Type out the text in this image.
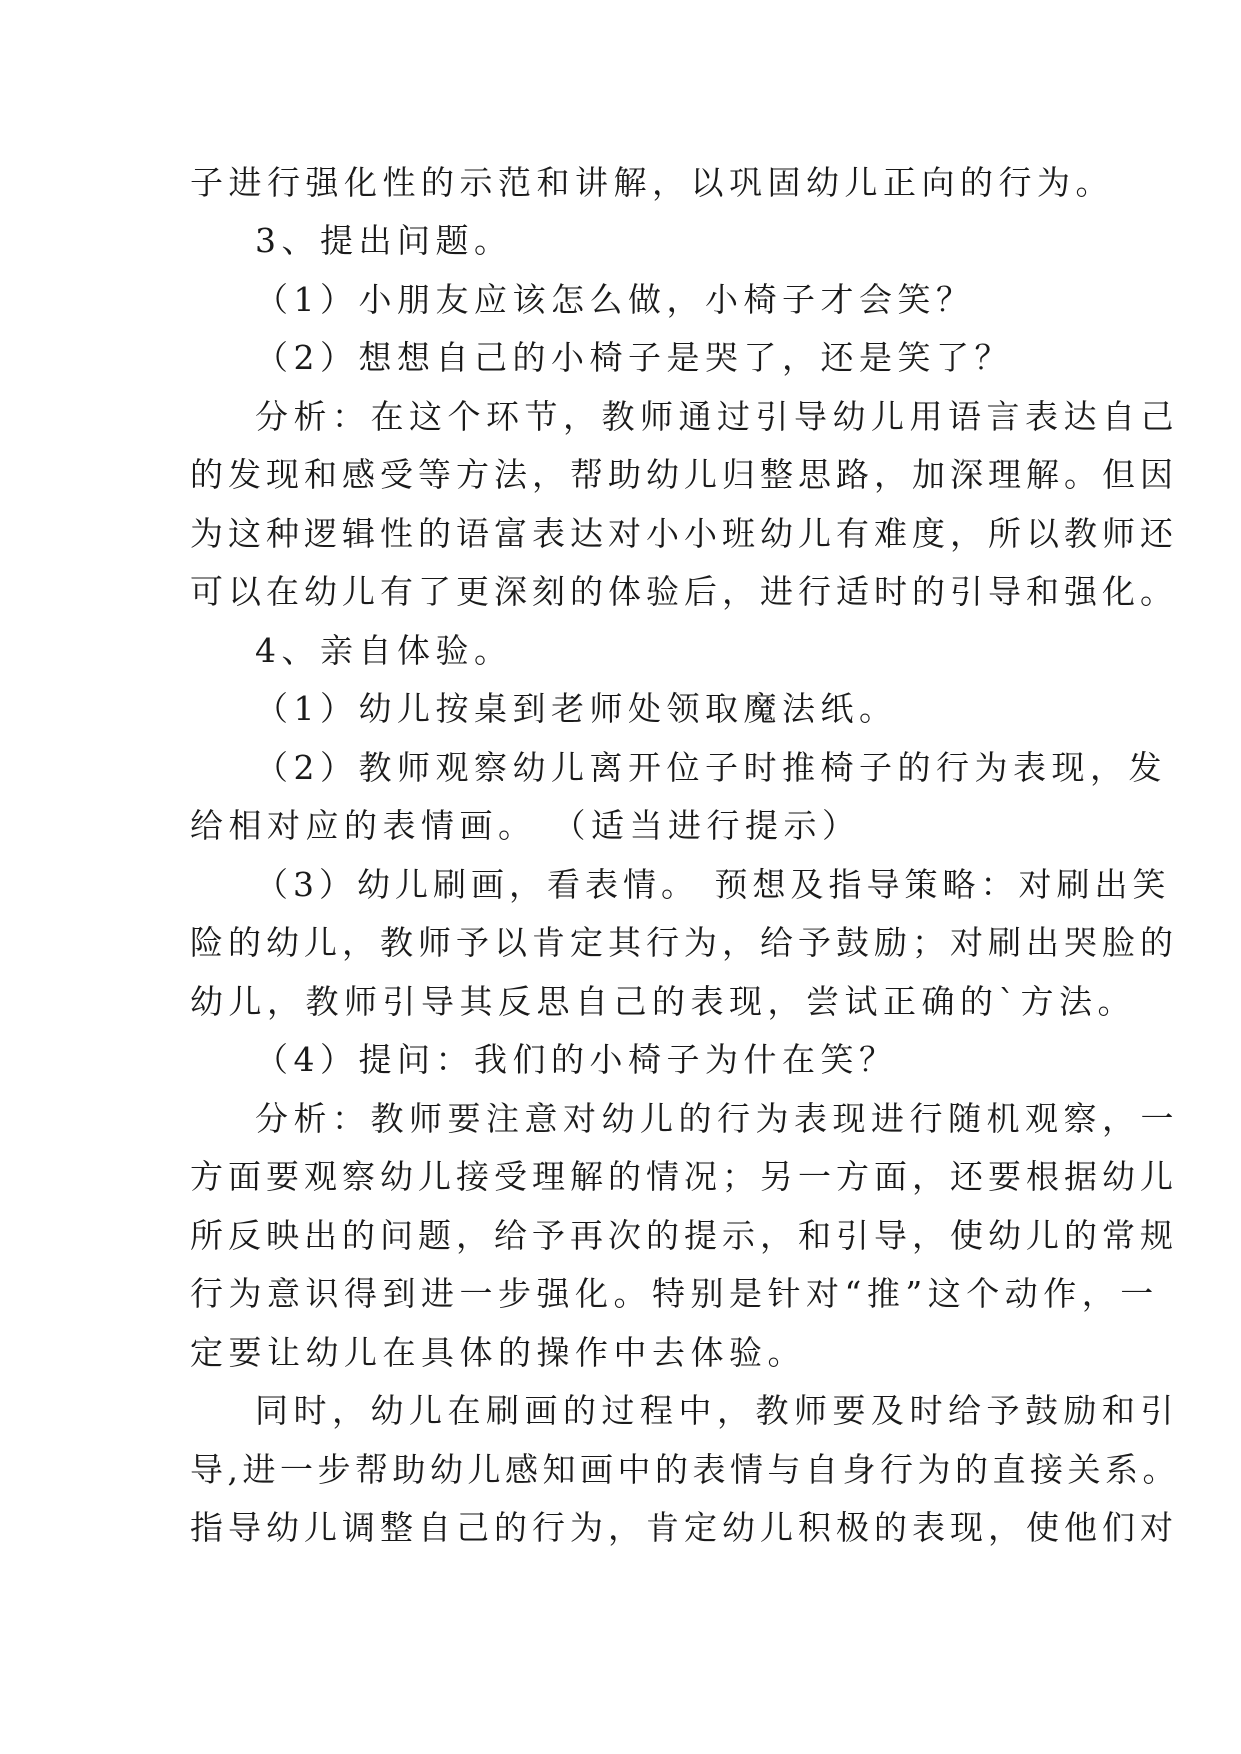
子进行强化性的示范和讲解，以巩固幼儿正向的行为。

3、提出问题。

（1）小朋友应该怎么做，小椅子才会笑？

（2）想想自己的小椅子是哭了，还是笑了？

分析：在这个环节，教师通过引导幼儿用语言表达自己

的发现和感受等方法，帮助幼儿归整思路，加深理解。但因

为这种逻辑性的语富表达对小小班幼儿有难度，所以教师还

可以在幼儿有了更深刻的体验后，进行适时的引导和强化。

4、亲自体验。

（1）幼儿按桌到老师处领取魔法纸。

（2）教师观察幼儿离开位子时推椅子的行为表现，发

给相对应的表情画。 （适当进行提示）

（3）幼儿刷画，看表情。 预想及指导策略：对刷出笑

险的幼儿，教师予以肯定其行为，给予鼓励；对刷出哭脸的

幼儿，教师引导其反思自己的表现，尝试正确的`方法。

（4）提问：我们的小椅子为什在笑？

分析：教师要注意对幼儿的行为表现进行随机观察，一

方面要观察幼儿接受理解的情况；另一方面，还要根据幼儿

所反映出的问题，给予再次的提示，和引导，使幼儿的常规

行为意识得到进一步强化。特别是针对“推”这个动作，一

定要让幼儿在具体的操作中去体验。

同时，幼儿在刷画的过程中，教师要及时给予鼓励和引

导,进一步帮助幼儿感知画中的表情与自身行为的直接关系。

指导幼儿调整自己的行为，肯定幼儿积极的表现，使他们对
